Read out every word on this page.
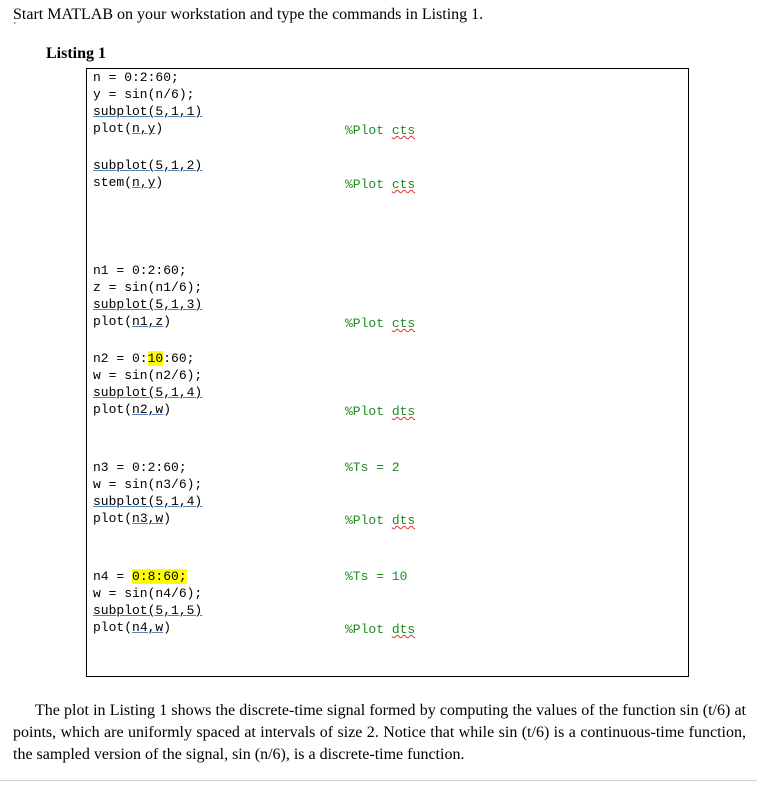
Start MATLAB on your workstation and type the commands in Listing 1.
`
Listing 1
n = 0:2:60;
y = sin(n/6);
subplot(5,1,1)
plot(n,y)	%Plot cts
subplot(5,1,2)
stem(n,y)	%Plot cts
n1 = 0:2:60;
z = sin(n1/6);
subplot(5,1,3)
plot(n1,z)	%Plot cts
n2 = 0:10:60;
w = sin(n2/6);
subplot(5,1,4)
plot(n2,w)	%Plot dts
n3 = 0:2:60;	%Ts = 2
w = sin(n3/6);
subplot(5,1,4)
plot(n3,w)	%Plot dts
n4 = 0:8:60;	%Ts = 10
w = sin(n4/6);
subplot(5,1,5)
plot(n4,w)	%Plot dts

The plot in Listing 1 shows the discrete-time signal formed by computing the values of the function sin (t/6) at points, which are uniformly spaced at intervals of size 2. Notice that while sin (t/6) is a continuous-time function, the sampled version of the signal, sin (n/6), is a discrete-time function.
